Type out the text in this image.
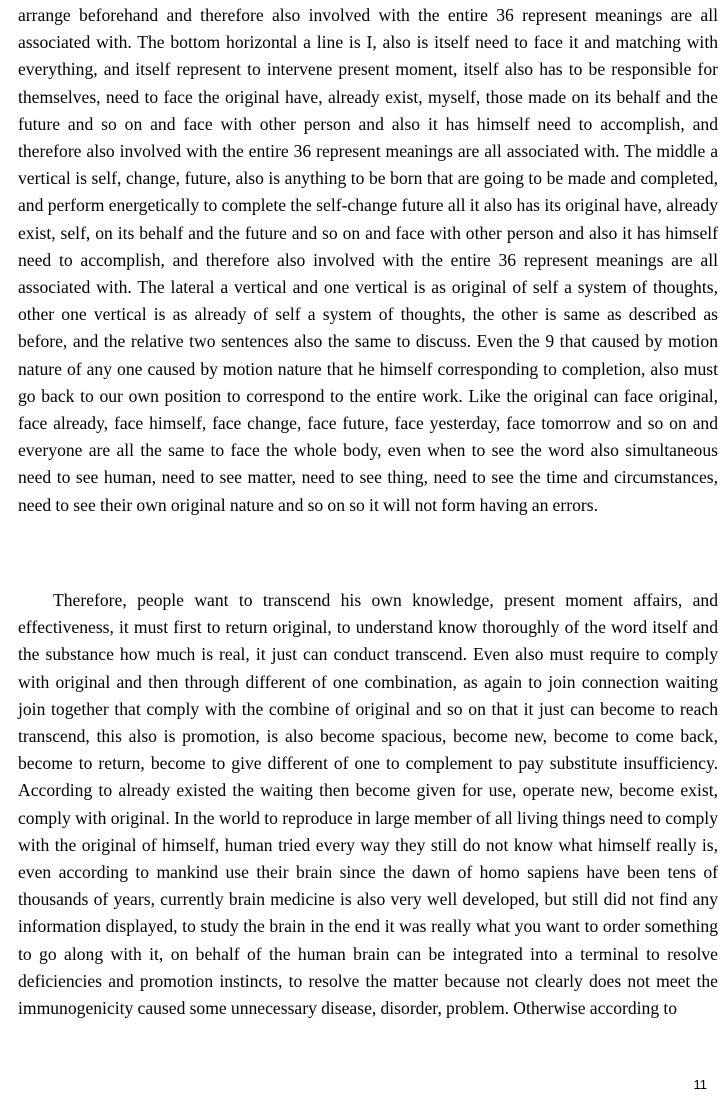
arrange beforehand and therefore also involved with the entire 36 represent meanings are all associated with. The bottom horizontal a line is I, also is itself need to face it and matching with everything, and itself represent to intervene present moment, itself also has to be responsible for themselves, need to face the original have, already exist, myself, those made on its behalf and the future and so on and face with other person and also it has himself need to accomplish, and therefore also involved with the entire 36 represent meanings are all associated with. The middle a vertical is self, change, future, also is anything to be born that are going to be made and completed, and perform energetically to complete the self-change future all it also has its original have, already exist, self, on its behalf and the future and so on and face with other person and also it has himself need to accomplish, and therefore also involved with the entire 36 represent meanings are all associated with. The lateral a vertical and one vertical is as original of self a system of thoughts, other one vertical is as already of self a system of thoughts, the other is same as described as before, and the relative two sentences also the same to discuss. Even the 9 that caused by motion nature of any one caused by motion nature that he himself corresponding to completion, also must go back to our own position to correspond to the entire work. Like the original can face original, face already, face himself, face change, face future, face yesterday, face tomorrow and so on and everyone are all the same to face the whole body, even when to see the word also simultaneous need to see human, need to see matter, need to see thing, need to see the time and circumstances, need to see their own original nature and so on so it will not form having an errors.

Therefore, people want to transcend his own knowledge, present moment affairs, and effectiveness, it must first to return original, to understand know thoroughly of the word itself and the substance how much is real, it just can conduct transcend. Even also must require to comply with original and then through different of one combination, as again to join connection waiting join together that comply with the combine of original and so on that it just can become to reach transcend, this also is promotion, is also become spacious, become new, become to come back, become to return, become to give different of one to complement to pay substitute insufficiency. According to already existed the waiting then become given for use, operate new, become exist, comply with original. In the world to reproduce in large member of all living things need to comply with the original of himself, human tried every way they still do not know what himself really is, even according to mankind use their brain since the dawn of homo sapiens have been tens of thousands of years, currently brain medicine is also very well developed, but still did not find any information displayed, to study the brain in the end it was really what you want to order something to go along with it, on behalf of the human brain can be integrated into a terminal to resolve deficiencies and promotion instincts, to resolve the matter because not clearly does not meet the immunogenicity caused some unnecessary disease, disorder, problem. Otherwise according to

11
